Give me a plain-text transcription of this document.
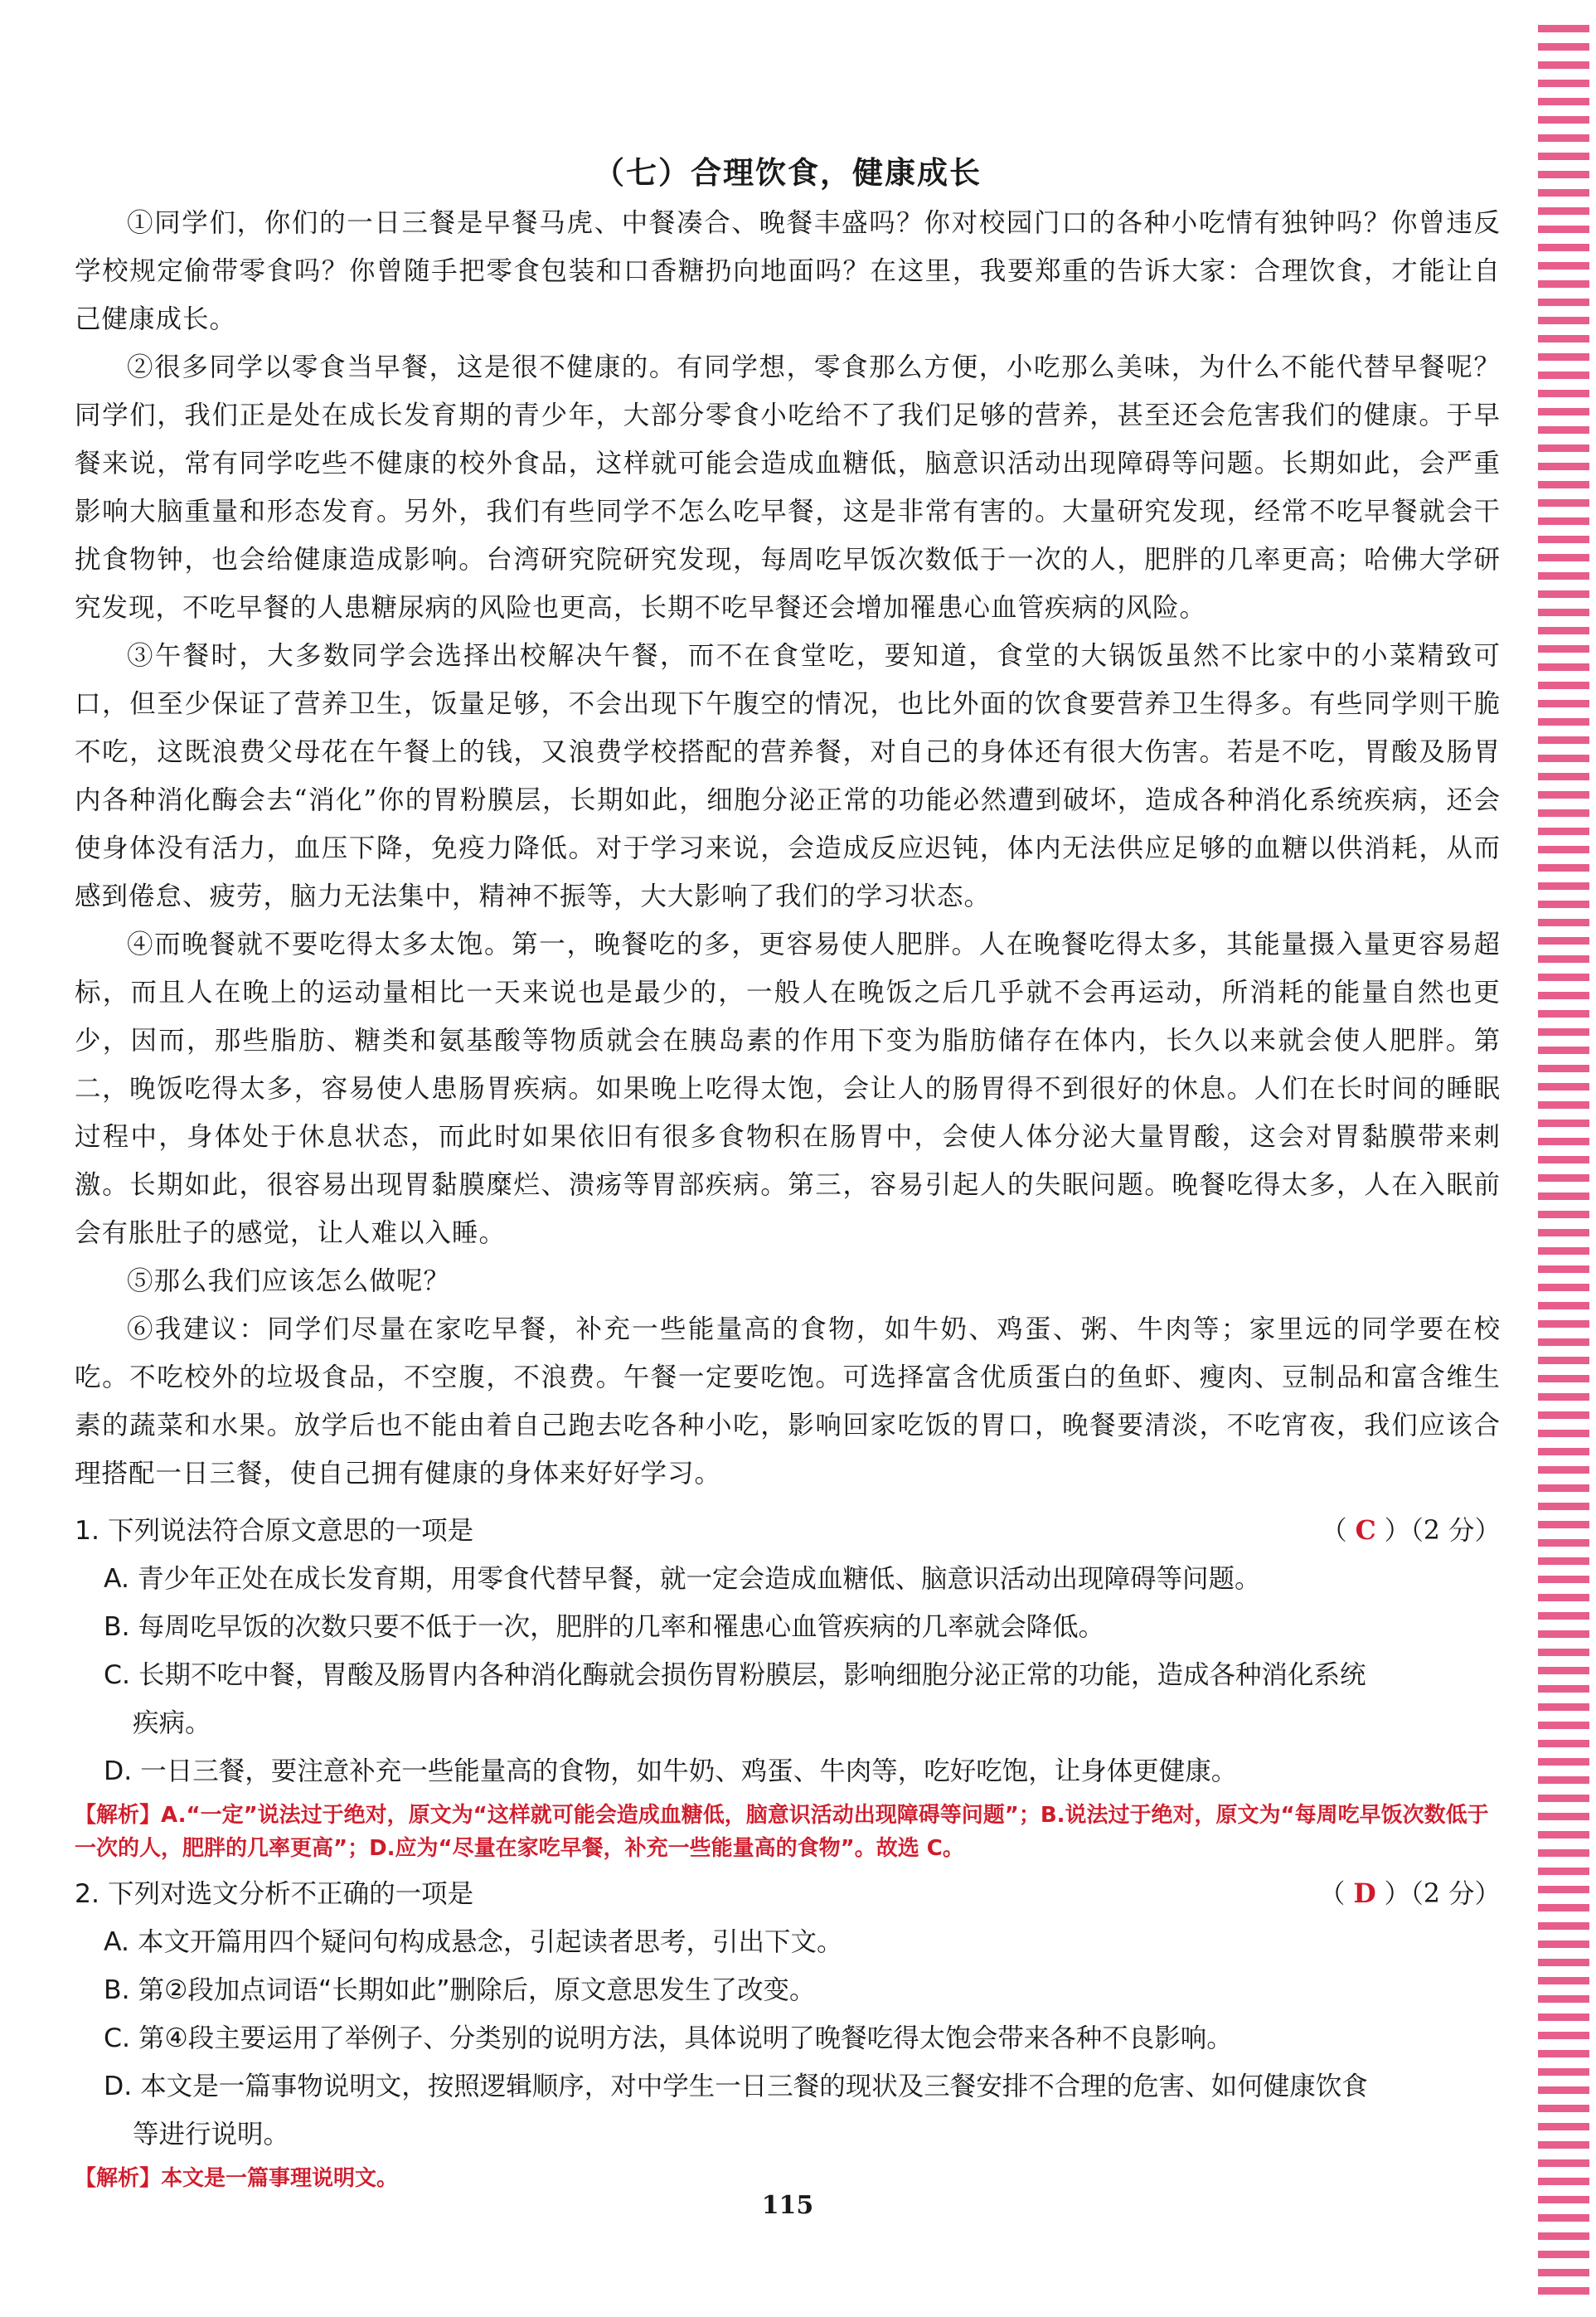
（七）合理饮食，健康成长

①同学们，你们的一日三餐是早餐马虎、中餐凑合、晚餐丰盛吗？你对校园门口的各种小吃情有独钟吗？你曾违反学校规定偷带零食吗？你曾随手把零食包装和口香糖扔向地面吗？在这里，我要郑重的告诉大家：合理饮食，才能让自己健康成长。

②很多同学以零食当早餐，这是很不健康的。有同学想，零食那么方便，小吃那么美味，为什么不能代替早餐呢？同学们，我们正是处在成长发育期的青少年，大部分零食小吃给不了我们足够的营养，甚至还会危害我们的健康。于早餐来说，常有同学吃些不健康的校外食品，这样就可能会造成血糖低，脑意识活动出现障碍等问题。长期如此，会严重影响大脑重量和形态发育。另外，我们有些同学不怎么吃早餐，这是非常有害的。大量研究发现，经常不吃早餐就会干扰食物钟，也会给健康造成影响。台湾研究院研究发现，每周吃早饭次数低于一次的人，肥胖的几率更高；哈佛大学研究发现，不吃早餐的人患糖尿病的风险也更高，长期不吃早餐还会增加罹患心血管疾病的风险。

③午餐时，大多数同学会选择出校解决午餐，而不在食堂吃，要知道，食堂的大锅饭虽然不比家中的小菜精致可口，但至少保证了营养卫生，饭量足够，不会出现下午腹空的情况，也比外面的饮食要营养卫生得多。有些同学则干脆不吃，这既浪费父母花在午餐上的钱，又浪费学校搭配的营养餐，对自己的身体还有很大伤害。若是不吃，胃酸及肠胃内各种消化酶会去“消化”你的胃粉膜层，长期如此，细胞分泌正常的功能必然遭到破坏，造成各种消化系统疾病，还会使身体没有活力，血压下降，免疫力降低。对于学习来说，会造成反应迟钝，体内无法供应足够的血糖以供消耗，从而感到倦怠、疲劳，脑力无法集中，精神不振等，大大影响了我们的学习状态。

④而晚餐就不要吃得太多太饱。第一，晚餐吃的多，更容易使人肥胖。人在晚餐吃得太多，其能量摄入量更容易超标，而且人在晚上的运动量相比一天来说也是最少的，一般人在晚饭之后几乎就不会再运动，所消耗的能量自然也更少，因而，那些脂肪、糖类和氨基酸等物质就会在胰岛素的作用下变为脂肪储存在体内，长久以来就会使人肥胖。第二，晚饭吃得太多，容易使人患肠胃疾病。如果晚上吃得太饱，会让人的肠胃得不到很好的休息。人们在长时间的睡眠过程中，身体处于休息状态，而此时如果依旧有很多食物积在肠胃中，会使人体分泌大量胃酸，这会对胃黏膜带来刺激。长期如此，很容易出现胃黏膜糜烂、溃疡等胃部疾病。第三，容易引起人的失眠问题。晚餐吃得太多，人在入眠前会有胀肚子的感觉，让人难以入睡。

⑤那么我们应该怎么做呢？

⑥我建议：同学们尽量在家吃早餐，补充一些能量高的食物，如牛奶、鸡蛋、粥、牛肉等；家里远的同学要在校吃。不吃校外的垃圾食品，不空腹，不浪费。午餐一定要吃饱。可选择富含优质蛋白的鱼虾、瘦肉、豆制品和富含维生素的蔬菜和水果。放学后也不能由着自己跑去吃各种小吃，影响回家吃饭的胃口，晚餐要清淡，不吃宵夜，我们应该合理搭配一日三餐，使自己拥有健康的身体来好好学习。

1. 下列说法符合原文意思的一项是	（ C ）（2 分）

A. 青少年正处在成长发育期，用零食代替早餐，就一定会造成血糖低、脑意识活动出现障碍等问题。

B. 每周吃早饭的次数只要不低于一次，肥胖的几率和罹患心血管疾病的几率就会降低。

C. 长期不吃中餐，胃酸及肠胃内各种消化酶就会损伤胃粉膜层，影响细胞分泌正常的功能，造成各种消化系统
疾病。

D. 一日三餐，要注意补充一些能量高的食物，如牛奶、鸡蛋、牛肉等，吃好吃饱，让身体更健康。

【解析】A.“一定”说法过于绝对，原文为“这样就可能会造成血糖低，脑意识活动出现障碍等问题”；B.说法过于绝对，原文为“每周吃早饭次数低于一次的人，肥胖的几率更高”；D.应为“尽量在家吃早餐，补充一些能量高的食物”。故选 C。
2. 下列对选文分析不正确的一项是	（ D ）（2 分）

A. 本文开篇用四个疑问句构成悬念，引起读者思考，引出下文。

B. 第②段加点词语“长期如此”删除后，原文意思发生了改变。

C. 第④段主要运用了举例子、分类别的说明方法，具体说明了晚餐吃得太饱会带来各种不良影响。

D. 本文是一篇事物说明文，按照逻辑顺序，对中学生一日三餐的现状及三餐安排不合理的危害、如何健康饮食
等进行说明。

【解析】本文是一篇事理说明文。
115
